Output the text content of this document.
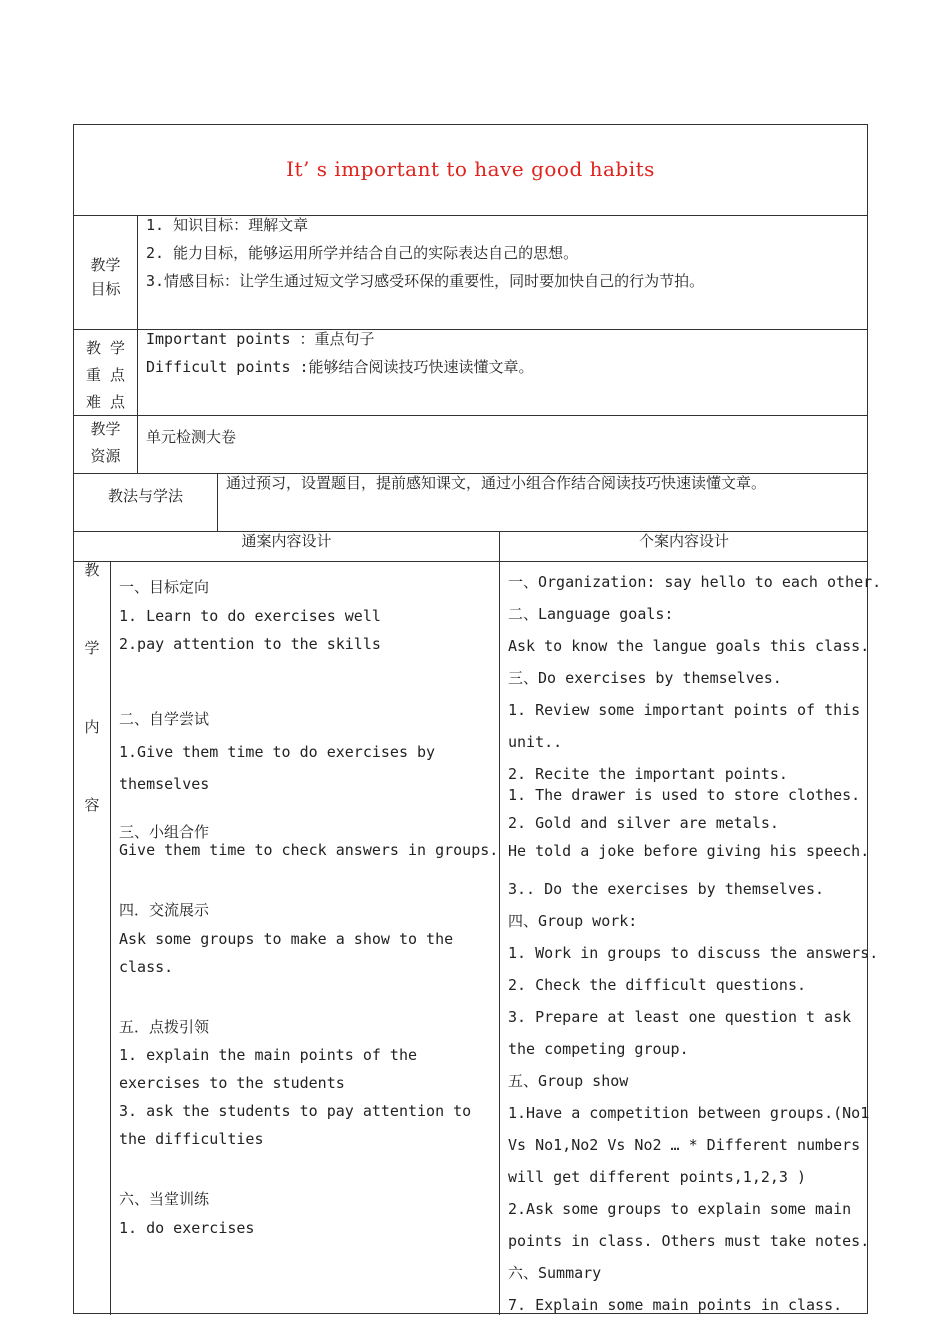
It’ s important to have good habits
教学
目标
1. 知识目标：理解文章
2. 能力目标，能够运用所学并结合自己的实际表达自己的思想。
3.情感目标：让学生通过短文学习感受环保的重要性，同时要加快自己的行为节拍。
教 学
重 点
难 点
Important points ：重点句子
Difficult points :能够结合阅读技巧快速读懂文章。
教学
资源
单元检测大卷
教法与学法
通过预习，设置题目，提前感知课文，通过小组合作结合阅读技巧快速读懂文章。
通案内容设计	个案内容设计
教
学
内
容
一、目标定向
1. Learn to do exercises well
2.pay attention to the skills
二、自学尝试
1.Give them time to do exercises by
themselves
三、小组合作
Give them time to check answers in groups.
四．交流展示
Ask some groups to make a show to the
class.
五．点拨引领
1. explain the main points of the
exercises to the students
3. ask the students to pay attention to
the difficulties
六、当堂训练
1. do exercises
一、Organization: say hello to each other.
二、Language goals:
Ask to know the langue goals this class.
三、Do exercises by themselves.
1. Review some important points of this
unit..
2. Recite the important points.
1. The drawer is used to store clothes.
2. Gold and silver are metals.
He told a joke before giving his speech.
3.. Do the exercises by themselves.
四、Group work:
1. Work in groups to discuss the answers.
2. Check the difficult questions.
3. Prepare at least one question t ask
the competing group.
五、Group show
1.Have a competition between groups.(No1
Vs No1,No2 Vs No2 … * Different numbers
will get different points,1,2,3 )
2.Ask some groups to explain some main
points in class. Others must take notes.
六、Summary
7. Explain some main points in class.
